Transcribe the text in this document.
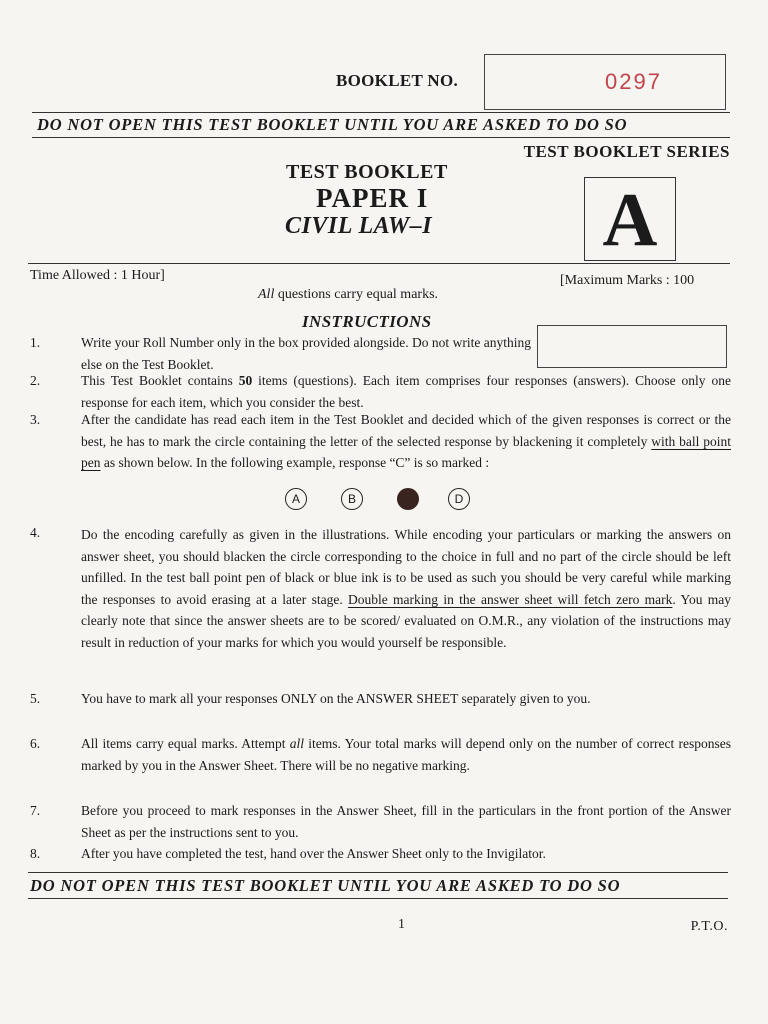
BOOKLET NO.	0297
DO NOT OPEN THIS TEST BOOKLET UNTIL YOU ARE ASKED TO DO SO
TEST BOOKLET SERIES
TEST BOOKLET
PAPER I
CIVIL LAW–I A
Time Allowed : 1 Hour]	[Maximum Marks : 100
All questions carry equal marks.
INSTRUCTIONS
1.	Write your Roll Number only in the box provided alongside. Do not write anything else on the Test Booklet.
2.	This Test Booklet contains 50 items (questions). Each item comprises four responses (answers). Choose only one response for each item, which you consider the best.
3.	After the candidate has read each item in the Test Booklet and decided which of the given responses is correct or the best, he has to mark the circle containing the letter of the selected response by blackening it completely with ball point pen as shown below. In the following example, response “C” is so marked :
A	B	D
4.	Do the encoding carefully as given in the illustrations. While encoding your particulars or marking the answers on answer sheet, you should blacken the circle corresponding to the choice in full and no part of the circle should be left unfilled. In the test ball point pen of black or blue ink is to be used as such you should be very careful while marking the responses to avoid erasing at a later stage. Double marking in the answer sheet will fetch zero mark. You may clearly note that since the answer sheets are to be scored/ evaluated on O.M.R., any violation of the instructions may result in reduction of your marks for which you would yourself be responsible.
5.	You have to mark all your responses ONLY on the ANSWER SHEET separately given to you.
6.	All items carry equal marks. Attempt all items. Your total marks will depend only on the number of correct responses marked by you in the Answer Sheet. There will be no negative marking.
7.	Before you proceed to mark responses in the Answer Sheet, fill in the particulars in the front portion of the Answer Sheet as per the instructions sent to you.
8.	After you have completed the test, hand over the Answer Sheet only to the Invigilator.
DO NOT OPEN THIS TEST BOOKLET UNTIL YOU ARE ASKED TO DO SO
1	P.T.O.
